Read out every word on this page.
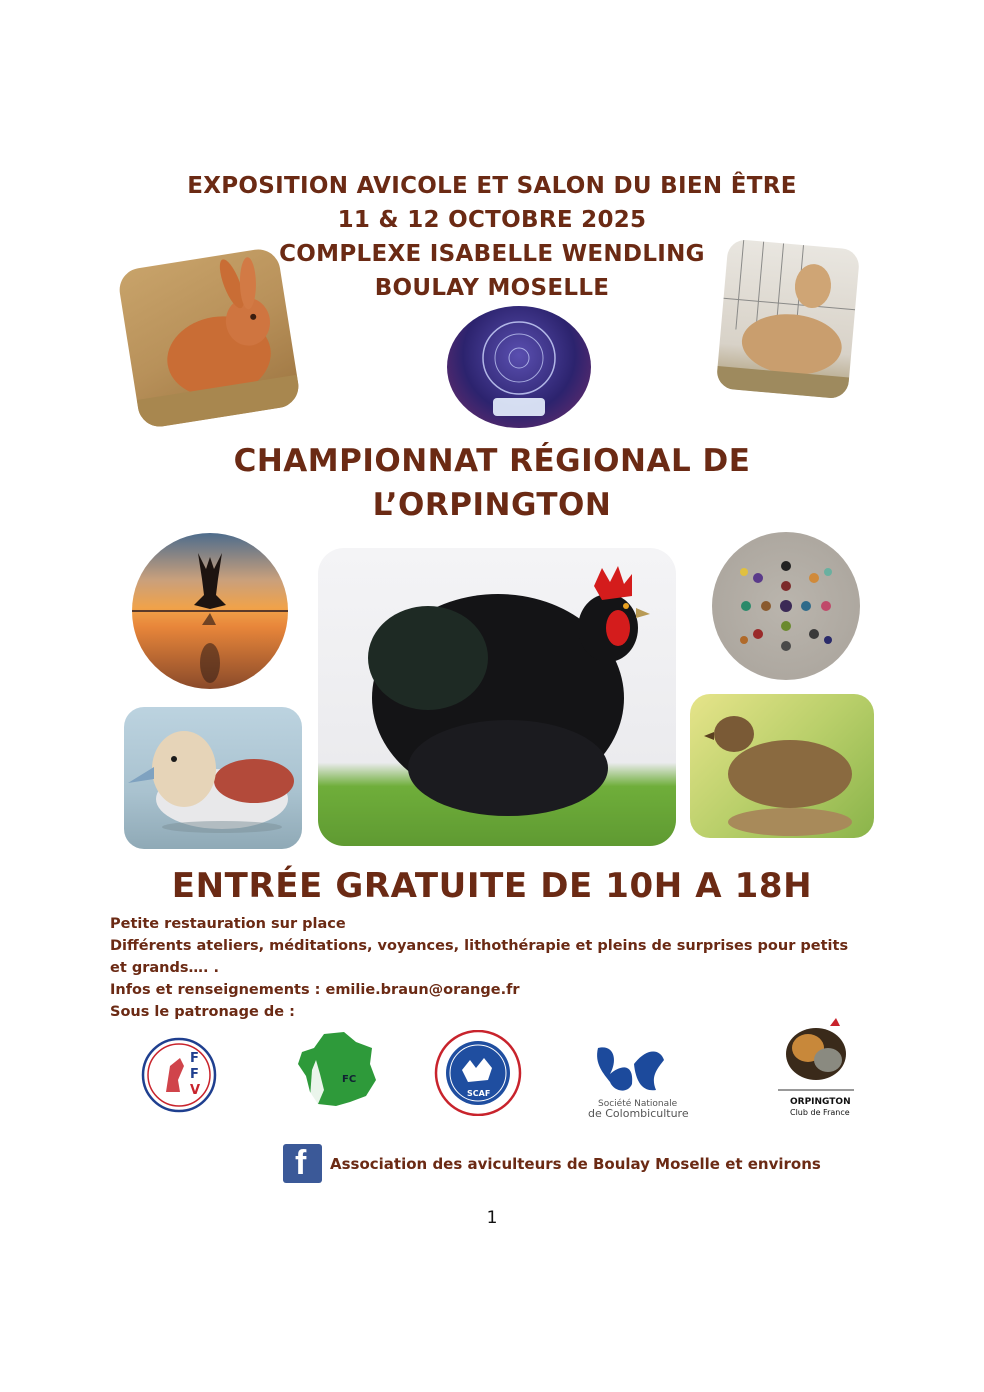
EXPOSITION AVICOLE ET SALON DU BIEN ÊTRE
11 & 12 OCTOBRE 2025
COMPLEXE ISABELLE WENDLING
BOULAY MOSELLE
CHAMPIONNAT RÉGIONAL DE
L’ORPINGTON
ENTRÉE GRATUITE DE 10H A 18H
Petite restauration sur place
Différents ateliers, méditations, voyances, lithothérapie et pleins de surprises pour petits et grands…. .
Infos et renseignements : emilie.braun@orange.fr
Sous le patronage de :
F
F
V
FC
SCAF
Société Nationale
de Colombiculture
ORPINGTON
Club de France
f Association des aviculteurs de Boulay Moselle et environs
1
